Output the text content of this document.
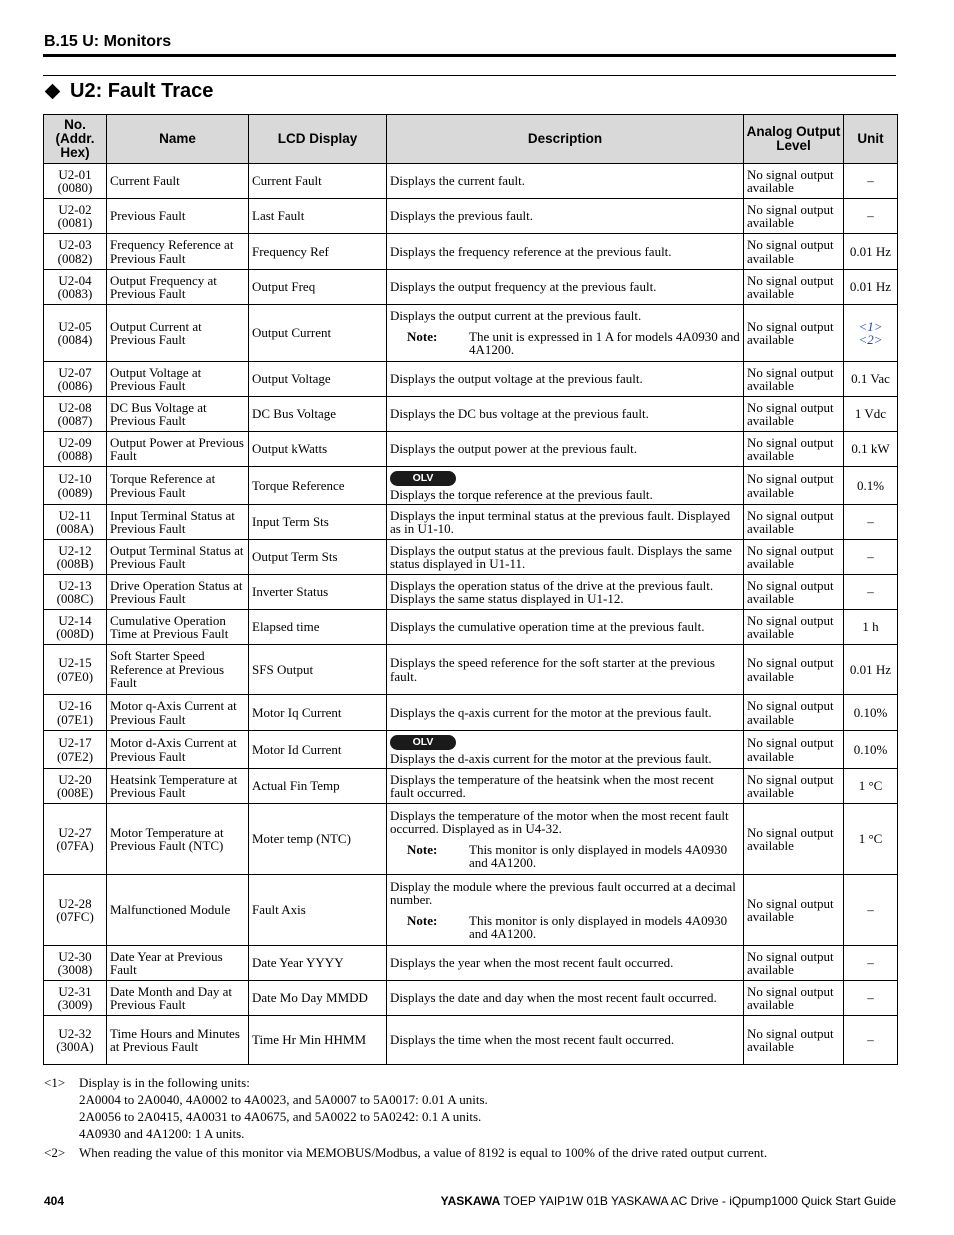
B.15 U: Monitors
U2: Fault Trace
No. (Addr. Hex)	Name	LCD Display	Description	Analog Output Level	Unit
U2-01
(0080)	Current Fault	Current Fault	Displays the current fault.	No signal output available	–
U2-02
(0081)	Previous Fault	Last Fault	Displays the previous fault.	No signal output available	–
U2-03
(0082)	Frequency Reference at Previous Fault	Frequency Ref	Displays the frequency reference at the previous fault.	No signal output available	0.01 Hz
U2-04
(0083)	Output Frequency at Previous Fault	Output Freq	Displays the output frequency at the previous fault.	No signal output available	0.01 Hz
U2-05
(0084)	Output Current at Previous Fault	Output Current	Displays the output current at the previous fault.
Note: The unit is expressed in 1 A for models 4A0930 and 4A1200.	No signal output available	<1> <2>
U2-07
(0086)	Output Voltage at Previous Fault	Output Voltage	Displays the output voltage at the previous fault.	No signal output available	0.1 Vac
U2-08
(0087)	DC Bus Voltage at Previous Fault	DC Bus Voltage	Displays the DC bus voltage at the previous fault.	No signal output available	1 Vdc
U2-09
(0088)	Output Power at Previous Fault	Output kWatts	Displays the output power at the previous fault.	No signal output available	0.1 kW
U2-10
(0089)	Torque Reference at Previous Fault	Torque Reference	OLV
Displays the torque reference at the previous fault.	No signal output available	0.1%
U2-11
(008A)	Input Terminal Status at Previous Fault	Input Term Sts	Displays the input terminal status at the previous fault. Displayed as in U1-10.	No signal output available	–
U2-12
(008B)	Output Terminal Status at Previous Fault	Output Term Sts	Displays the output status at the previous fault. Displays the same status displayed in U1-11.	No signal output available	–
U2-13
(008C)	Drive Operation Status at Previous Fault	Inverter Status	Displays the operation status of the drive at the previous fault. Displays the same status displayed in U1-12.	No signal output available	–
U2-14
(008D)	Cumulative Operation Time at Previous Fault	Elapsed time	Displays the cumulative operation time at the previous fault.	No signal output available	1 h
U2-15
(07E0)	Soft Starter Speed Reference at Previous Fault	SFS Output	Displays the speed reference for the soft starter at the previous fault.	No signal output available	0.01 Hz
U2-16
(07E1)	Motor q-Axis Current at Previous Fault	Motor Iq Current	Displays the q-axis current for the motor at the previous fault.	No signal output available	0.10%
U2-17
(07E2)	Motor d-Axis Current at Previous Fault	Motor Id Current	OLV
Displays the d-axis current for the motor at the previous fault.	No signal output available	0.10%
U2-20
(008E)	Heatsink Temperature at Previous Fault	Actual Fin Temp	Displays the temperature of the heatsink when the most recent fault occurred.	No signal output available	1 °C
U2-27
(07FA)	Motor Temperature at Previous Fault (NTC)	Moter temp (NTC)	Displays the temperature of the motor when the most recent fault occurred. Displayed as in U4-32.
Note: This monitor is only displayed in models 4A0930 and 4A1200.	No signal output available	1 °C
U2-28
(07FC)	Malfunctioned Module	Fault Axis	Display the module where the previous fault occurred at a decimal number.
Note: This monitor is only displayed in models 4A0930 and 4A1200.	No signal output available	–
U2-30
(3008)	Date Year at Previous Fault	Date Year YYYY	Displays the year when the most recent fault occurred.	No signal output available	–
U2-31
(3009)	Date Month and Day at Previous Fault	Date Mo Day MMDD	Displays the date and day when the most recent fault occurred.	No signal output available	–
U2-32
(300A)	Time Hours and Minutes at Previous Fault	Time Hr Min HHMM	Displays the time when the most recent fault occurred.	No signal output available	–
<1>	Display is in the following units:
2A0004 to 2A0040, 4A0002 to 4A0023, and 5A0007 to 5A0017: 0.01 A units.
2A0056 to 2A0415, 4A0031 to 4A0675, and 5A0022 to 5A0242: 0.1 A units.
4A0930 and 4A1200: 1 A units.
<2>	When reading the value of this monitor via MEMOBUS/Modbus, a value of 8192 is equal to 100% of the drive rated output current.
404	YASKAWA TOEP YAIP1W 01B YASKAWA AC Drive - iQpump1000 Quick Start Guide
